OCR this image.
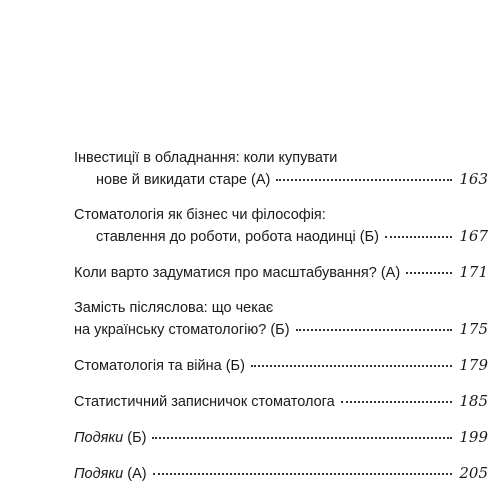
Інвестиції в обладнання: коли купувати
нове й викидати старе (А)	163
Стоматологія як бізнес чи філософія:
ставлення до роботи, робота наодинці (Б)	167
Коли варто задуматися про масштабування? (А)	171
Замість післяслова: що чекає
на українську стоматологію? (Б)	175
Стоматологія та війна (Б)	179
Статистичний записничок стоматолога	185
Подяки (Б)	199
Подяки (А)	205
